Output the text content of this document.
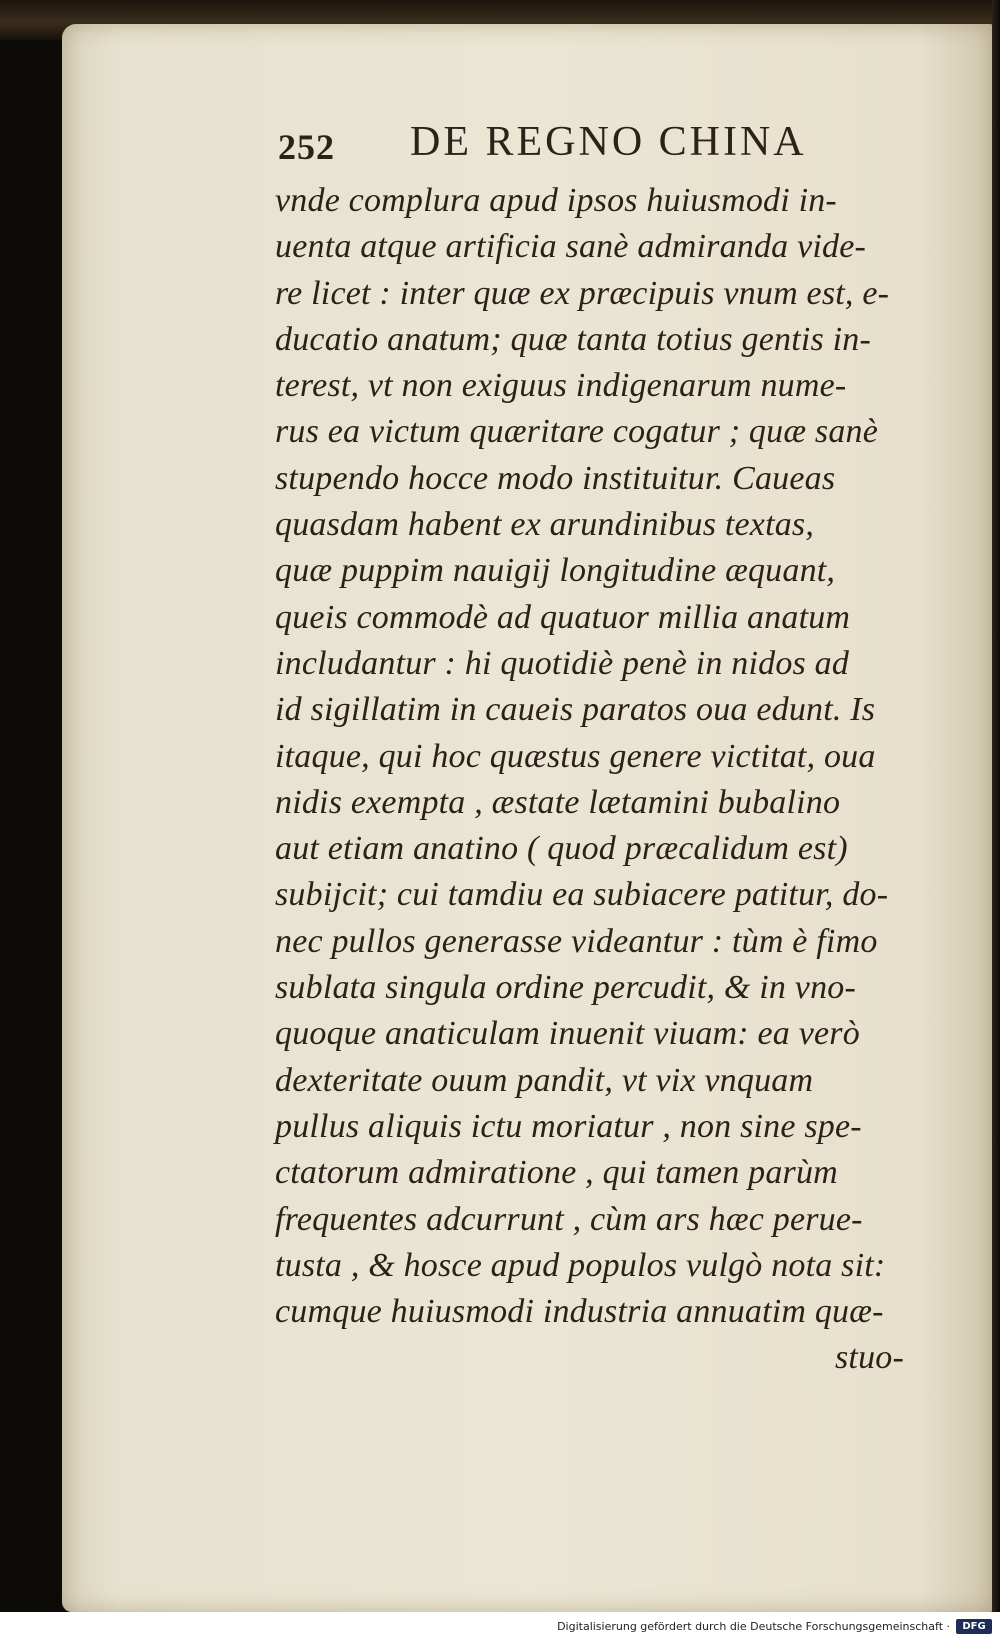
252 DE REGNO CHINA
vnde complura apud ipsos huiusmodi in-
uenta atque artificia sanè admiranda vide-
re licet : inter quæ ex præcipuis vnum est, e-
ducatio anatum; quæ tanta totius gentis in-
terest, vt non exiguus indigenarum nume-
rus ea victum quæritare cogatur ; quæ sanè
stupendo hocce modo instituitur. Caueas
quasdam habent ex arundinibus textas,
quæ puppim nauigij longitudine æquant,
queis commodè ad quatuor millia anatum
includantur : hi quotidiè penè in nidos ad
id sigillatim in caueis paratos oua edunt. Is
itaque, qui hoc quæstus genere victitat, oua
nidis exempta , æstate lætamini bubalino
aut etiam anatino ( quod præcalidum est)
subijcit; cui tamdiu ea subiacere patitur, do-
nec pullos generasse videantur : tùm è fimo
sublata singula ordine percudit, & in vno-
quoque anaticulam inuenit viuam: ea verò
dexteritate ouum pandit, vt vix vnquam
pullus aliquis ictu moriatur , non sine spe-
ctatorum admiratione , qui tamen parùm
frequentes adcurrunt , cùm ars hæc perue-
tusta , & hosce apud populos vulgò nota sit:
cumque huiusmodi industria annuatim quæ-
stuo-
Digitalisierung gefördert durch die Deutsche Forschungsgemeinschaft ·	DFG
